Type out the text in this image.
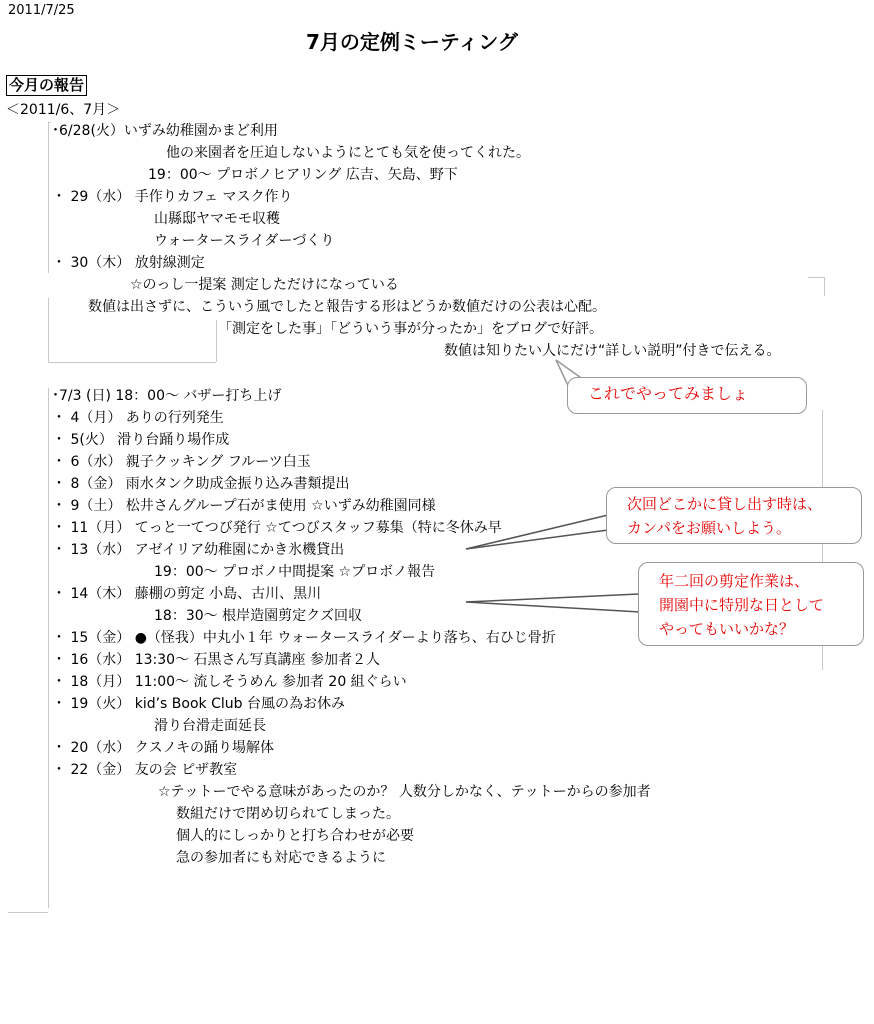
2011/7/25
7月の定例ミーティング
今月の報告
＜2011/6、7月＞
･6/28(火）いずみ幼稚園かまど利用
他の来園者を圧迫しないようにとても気を使ってくれた。
19：00～ プロボノヒアリング 広吉、矢島、野下
・ 29（水） 手作りカフェ マスク作り
山縣邸ヤマモモ収穫
ウォータースライダーづくり
・ 30（木） 放射線測定
☆のっし一提案 測定しただけになっている
数値は出さずに、こういう風でしたと報告する形はどうか数値だけの公表は心配。
「測定をした事」「どういう事が分ったか」をブログで好評。
数値は知りたい人にだけ“詳しい説明”付きで伝える。
･7/3 (日) 18：00～ バザー打ち上げ
・ 4（月） ありの行列発生
・ 5(火） 滑り台踊り場作成
・ 6（水） 親子クッキング フルーツ白玉
・ 8（金） 雨水タンク助成金振り込み書類提出
・ 9（土） 松井さんグループ石がま使用 ☆いずみ幼稚園同様
・ 11（月） てっと一てつび発行 ☆てつびスタッフ募集（特に冬休み早
・ 13（水） アゼイリア幼稚園にかき氷機貸出
19：00～ プロボノ中間提案 ☆プロボノ報告
・ 14（木） 藤棚の剪定 小島、古川、黒川
18：30～ 根岸造園剪定クズ回収
・ 15（金） ●（怪我）中丸小１年 ウォータースライダーより落ち、右ひじ骨折
・ 16（水） 13:30～ 石黒さん写真講座 参加者２人
・ 18（月） 11:00～ 流しそうめん 参加者 20 組ぐらい
・ 19（火） kid’s Book Club 台風の為お休み
滑り台滑走面延長
・ 20（水） クスノキの踊り場解体
・ 22（金） 友の会 ピザ教室
☆テットーでやる意味があったのか？ 人数分しかなく、テットーからの参加者
数組だけで閉め切られてしまった。
個人的にしっかりと打ち合わせが必要
急の参加者にも対応できるように
これでやってみましょ
次回どこかに貸し出す時は、
カンパをお願いしよう。
年二回の剪定作業は、
開園中に特別な日として
やってもいいかな？
